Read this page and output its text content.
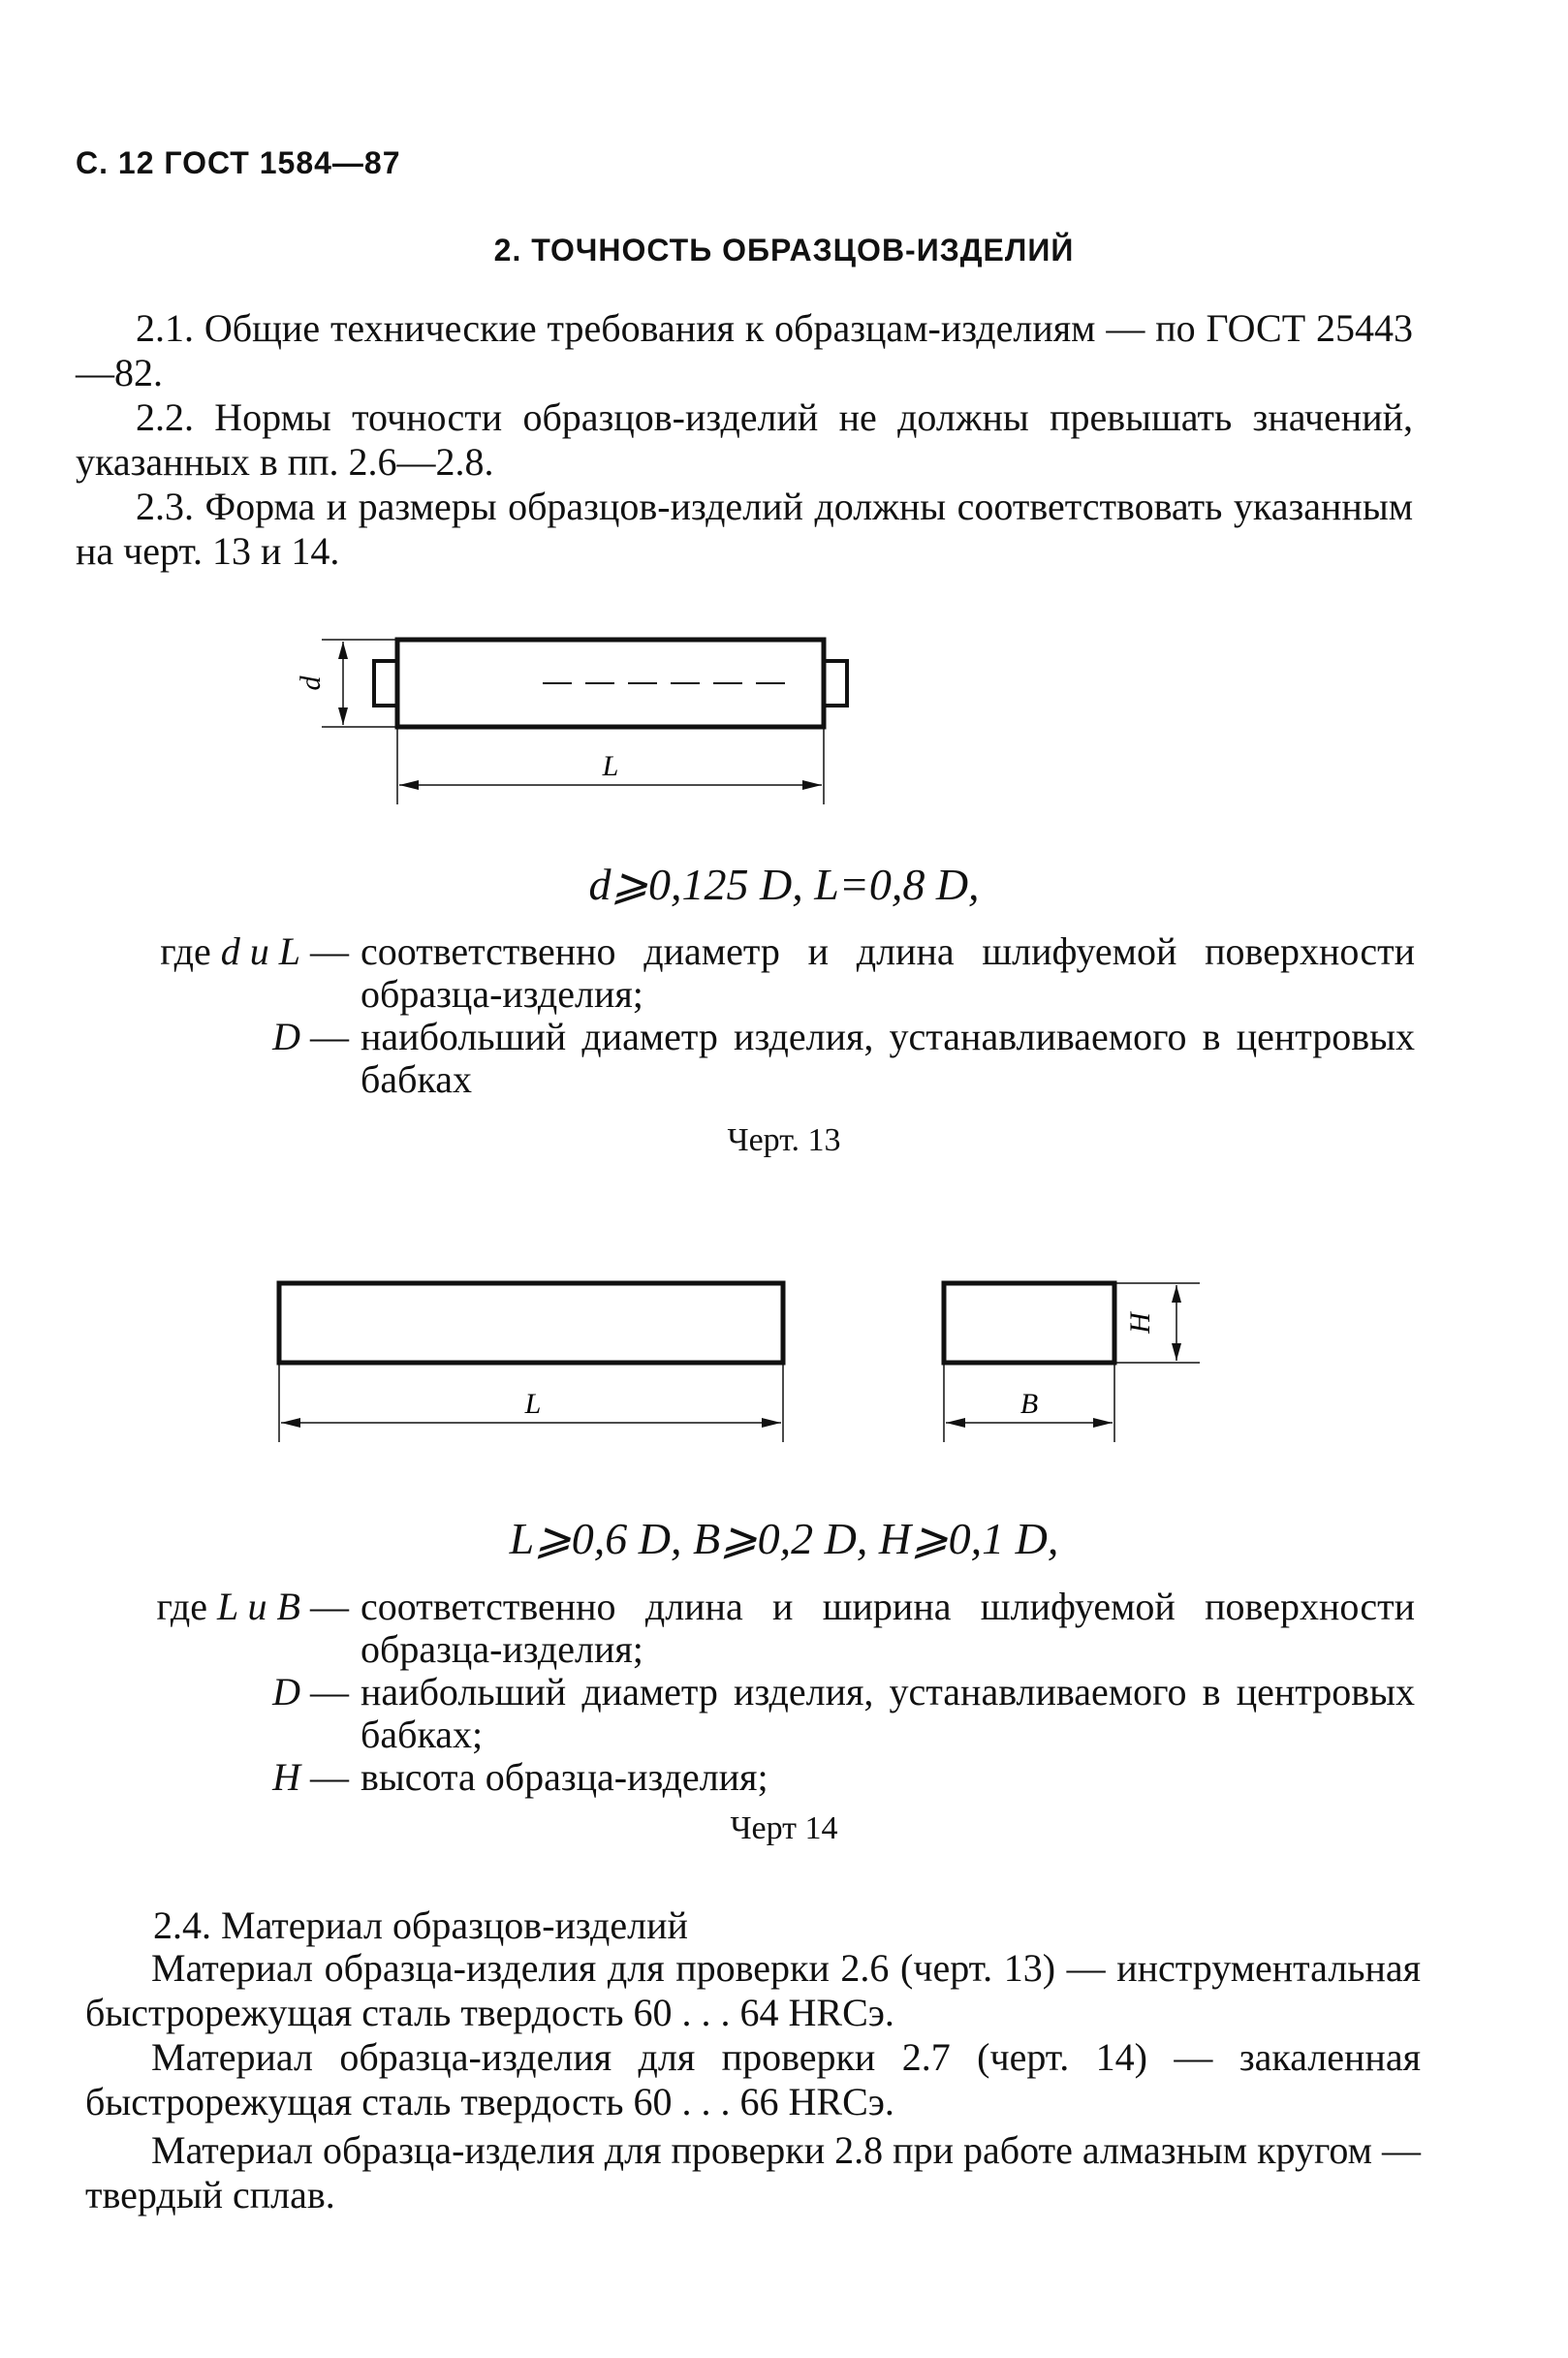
С. 12 ГОСТ 1584—87
2. ТОЧНОСТЬ ОБРАЗЦОВ-ИЗДЕЛИЙ
2.1. Общие технические требования к образцам-изделиям — по ГОСТ 25443—82.
2.2. Нормы точности образцов-изделий не должны превышать значений, указанных в пп. 2.6—2.8.
2.3. Форма и размеры образцов-изделий должны соответствовать указанным на черт. 13 и 14.
d
L
d⩾0,125 D, L=0,8 D,
где d и L — соответственно диаметр и длина шлифуемой поверхности образца-изделия;
D — наибольший диаметр изделия, устанавливаемого в центровых бабках
Черт. 13
L	B
H
L⩾0,6 D, B⩾0,2 D, H⩾0,1 D,
где L и B — соответственно длина и ширина шлифуемой поверхности образца-изделия;
D — наибольший диаметр изделия, устанавливаемого в центровых бабках;
H — высота образца-изделия;
Черт 14
2.4. Материал образцов-изделий
Материал образца-изделия для проверки 2.6 (черт. 13) — инструментальная быстрорежущая сталь твердость 60 . . . 64 HRCэ.
Материал образца-изделия для проверки 2.7 (черт. 14) — закаленная быстрорежущая сталь твердость 60 . . . 66 HRCэ.
Материал образца-изделия для проверки 2.8 при работе алмазным кругом — твердый сплав.
